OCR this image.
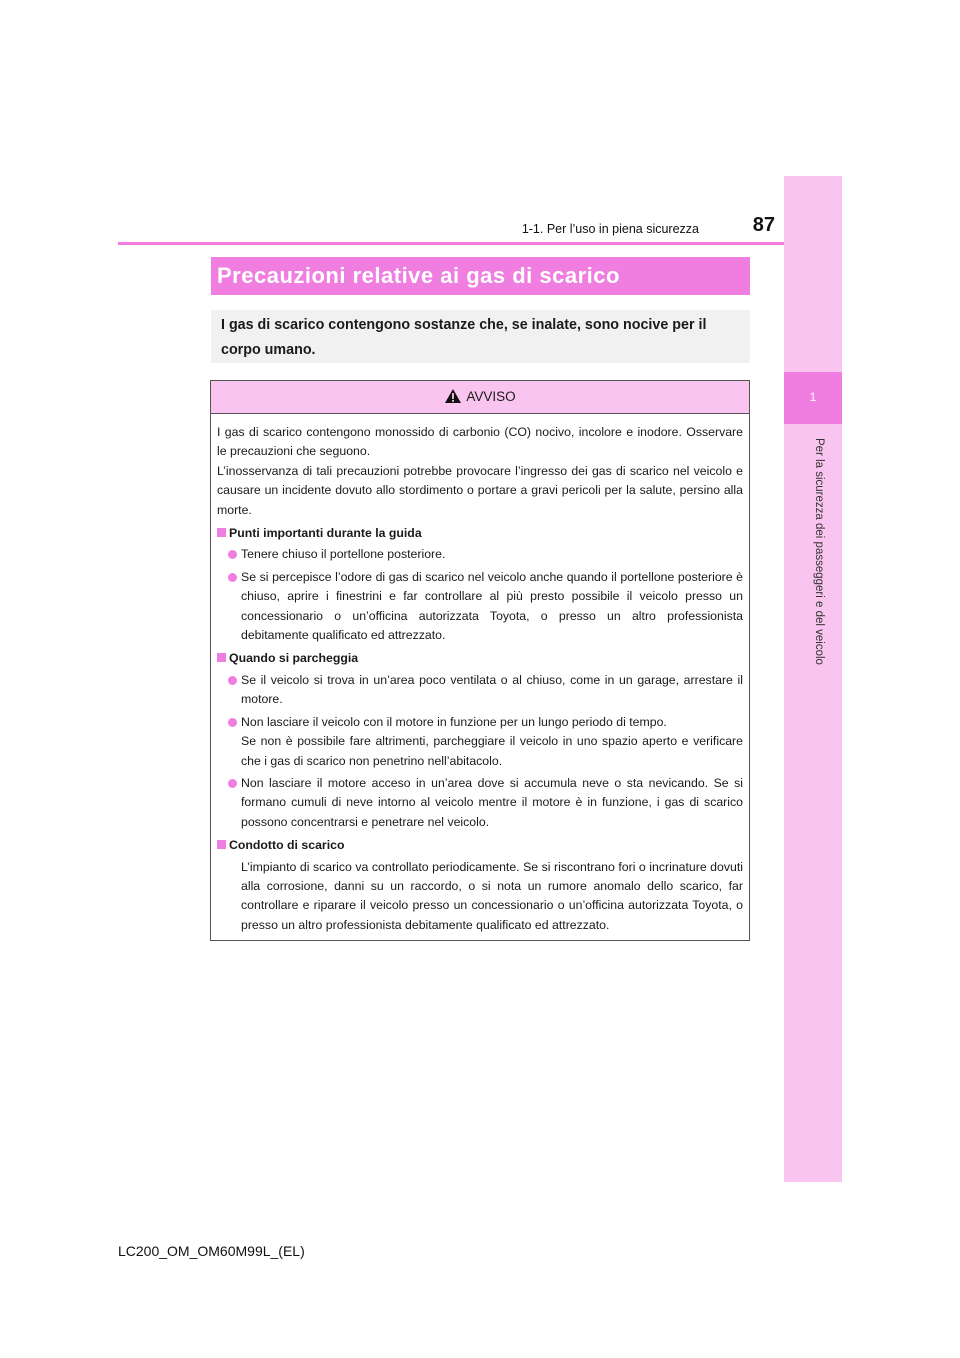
1
Per la sicurezza dei passeggeri e del veicolo
1-1. Per l’uso in piena sicurezza	87
Precauzioni relative ai gas di scarico
I gas di scarico contengono sostanze che, se inalate, sono nocive per il corpo umano.
AVVISO

I gas di scarico contengono monossido di carbonio (CO) nocivo, incolore e inodore. Osservare le precauzioni che seguono.
L’inosservanza di tali precauzioni potrebbe provocare l’ingresso dei gas di scarico nel veicolo e causare un incidente dovuto allo stordimento o portare a gravi pericoli per la salute, persino alla morte.

Punti importanti durante la guida

Tenere chiuso il portellone posteriore.

Se si percepisce l’odore di gas di scarico nel veicolo anche quando il portellone posteriore è chiuso, aprire i finestrini e far controllare al più presto possibile il veicolo presso un concessionario o un’officina autorizzata Toyota, o presso un altro professionista debitamente qualificato ed attrezzato.

Quando si parcheggia

Se il veicolo si trova in un’area poco ventilata o al chiuso, come in un garage, arrestare il motore.

Non lasciare il veicolo con il motore in funzione per un lungo periodo di tempo.
Se non è possibile fare altrimenti, parcheggiare il veicolo in uno spazio aperto e verificare che i gas di scarico non penetrino nell’abitacolo.

Non lasciare il motore acceso in un’area dove si accumula neve o sta nevicando. Se si formano cumuli di neve intorno al veicolo mentre il motore è in funzione, i gas di scarico possono concentrarsi e penetrare nel veicolo.

Condotto di scarico

L’impianto di scarico va controllato periodicamente. Se si riscontrano fori o incrinature dovuti alla corrosione, danni su un raccordo, o si nota un rumore anomalo dello scarico, far controllare e riparare il veicolo presso un concessionario o un’officina autorizzata Toyota, o presso un altro professionista debitamente qualificato ed attrezzato.

LC200_OM_OM60M99L_(EL)
